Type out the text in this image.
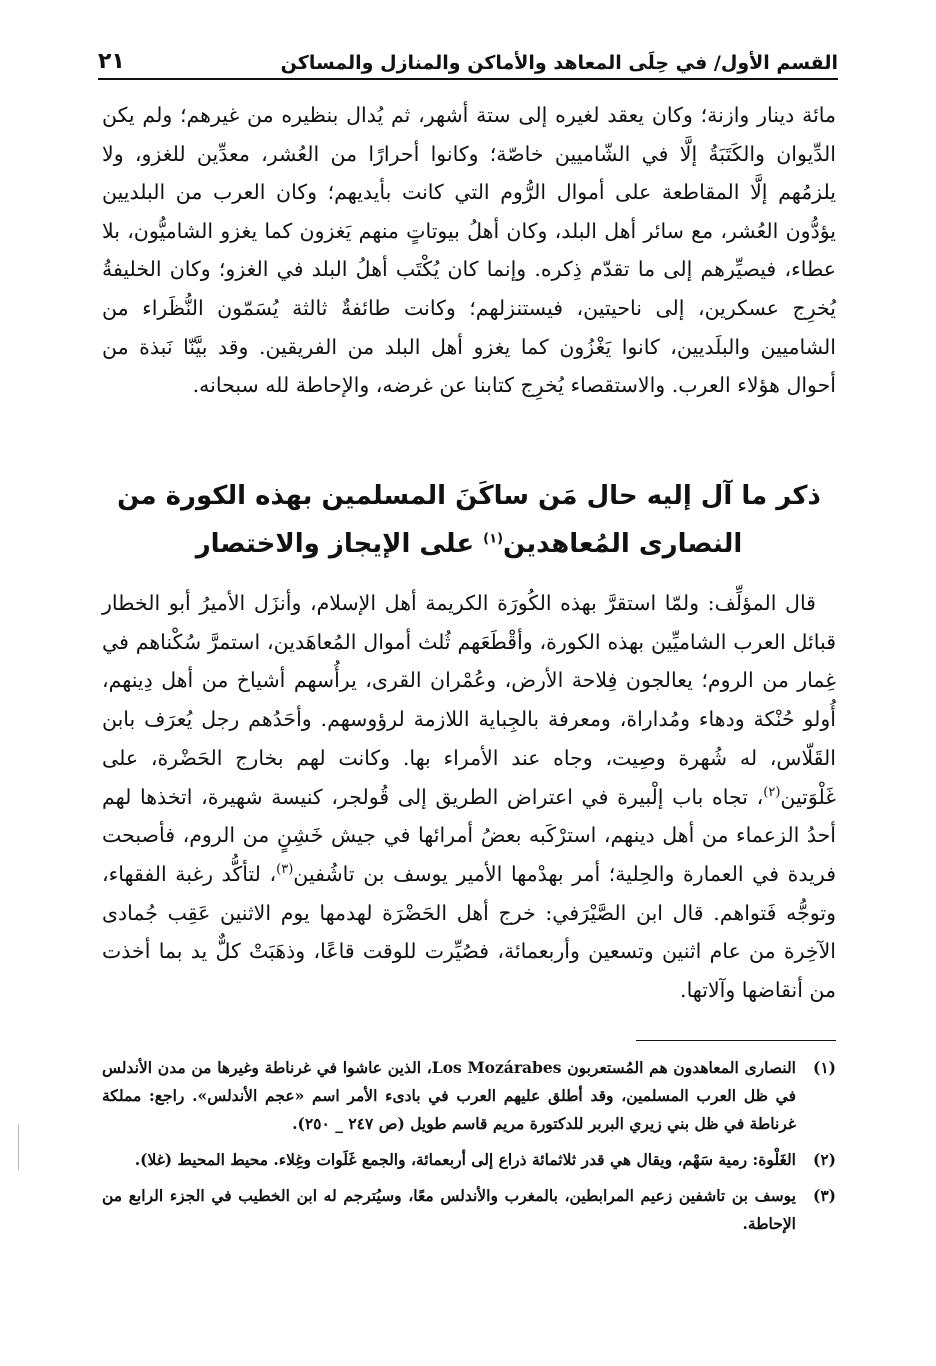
القسم الأول/ في حِلَى المعاهد والأماكن والمنازل والمساكن
٢١

مائة دينار وازنة؛ وكان يعقد لغيره إلى ستة أشهر، ثم يُدال بنظيره من غيرهم؛ ولم يكن الدِّيوان والكَتَبَةُ إلَّا في الشّاميين خاصّة؛ وكانوا أحرارًا من العُشر، معدِّين للغزو، ولا يلزمُهم إلَّا المقاطعة على أموال الرُّوم التي كانت بأيديهم؛ وكان العرب من البلديين يؤدُّون العُشر، مع سائر أهل البلد، وكان أهلُ بيوتاتٍ منهم يَغزون كما يغزو الشاميُّون، بلا عطاء، فيصيِّرهم إلى ما تقدّم ذِكره. وإنما كان يُكْتَب أهلُ البلد في الغزو؛ وكان الخليفةُ يُخرِج عسكرين، إلى ناحيتين، فيستنزلهم؛ وكانت طائفةٌ ثالثة يُسَمّون النُّظَراء من الشاميين والبلَديين، كانوا يَغْزُون كما يغزو أهل البلد من الفريقين. وقد بيَّنّا نَبذة من أحوال هؤلاء العرب. والاستقصاء يُخرِج كتابنا عن غرضه، والإحاطة لله سبحانه.

ذكر ما آل إليه حال مَن ساكَنَ المسلمين بهذه الكورة من
النصارى المُعاهدين$^{(١)}$ على الإيجاز والاختصار

قال المؤلِّف: ولمّا استقرَّ بهذه الكُورَة الكريمة أهل الإسلام، وأنزَل الأميرُ أبو الخطار قبائل العرب الشاميِّين بهذه الكورة، وأقْطَعَهم ثُلث أموال المُعاهَدين، استمرَّ سُكْناهم في غِمار من الروم؛ يعالجون فِلاحة الأرض، وعُمْران القرى، يرأُسهم أشياخ من أهل دِينهم، أُولو حُنْكة ودهاء ومُداراة، ومعرفة بالجِباية اللازمة لرؤوسهم. وأحَدُهم رجل يُعرَف بابن القَلّاس، له شُهرة وصِيت، وجاه عند الأمراء بها. وكانت لهم بخارج الحَضْرة، على غَلْوَتين$^{(٢)}$، تجاه باب إلْبيرة في اعتراض الطريق إلى قُولجر، كنيسة شهيرة، اتخذها لهم أحدُ الزعماء من أهل دينهم، استرْكَبه بعضُ أمرائها في جيش خَشِنٍ من الروم، فأصبحت فريدة في العمارة والحِلية؛ أمر بهدْمها الأمير يوسف بن تاشُفين$^{(٣)}$، لتأكُّد رغبة الفقهاء، وتوجُّه فَتواهم. قال ابن الصَّيْرَفي: خرج أهل الحَضْرَة لهدمها يوم الاثنين عَقِب جُمادى الآخِرة من عام اثنين وتسعين وأربعمائة، فصُيِّرت للوقت قاعًا، وذهَبَتْ كلٌّ يد بما أخذت من أنقاضها وآلاتها.

(١)
النصارى المعاهدون هم المُستعربون Los Mozárabes، الذين عاشوا في غرناطة وغيرها من مدن الأندلس في ظل العرب المسلمين، وقد أطلق عليهم العرب في بادىء الأمر اسم «عجم الأندلس». راجع: مملكة غرناطة في ظل بني زيري البربر للدكتورة مريم قاسم طويل (ص ٢٤٧ _ ٢٥٠).
(٢)
الغَلْوة: رمية سَهْم، ويقال هي قدر ثلاثمائة ذراع إلى أربعمائة، والجمع غَلَوات وغِلاء. محيط المحيط (غلا).
(٣)
يوسف بن تاشفين زعيم المرابطين، بالمغرب والأندلس معًا، وسيُترجم له ابن الخطيب في الجزء الرابع من الإحاطة.
